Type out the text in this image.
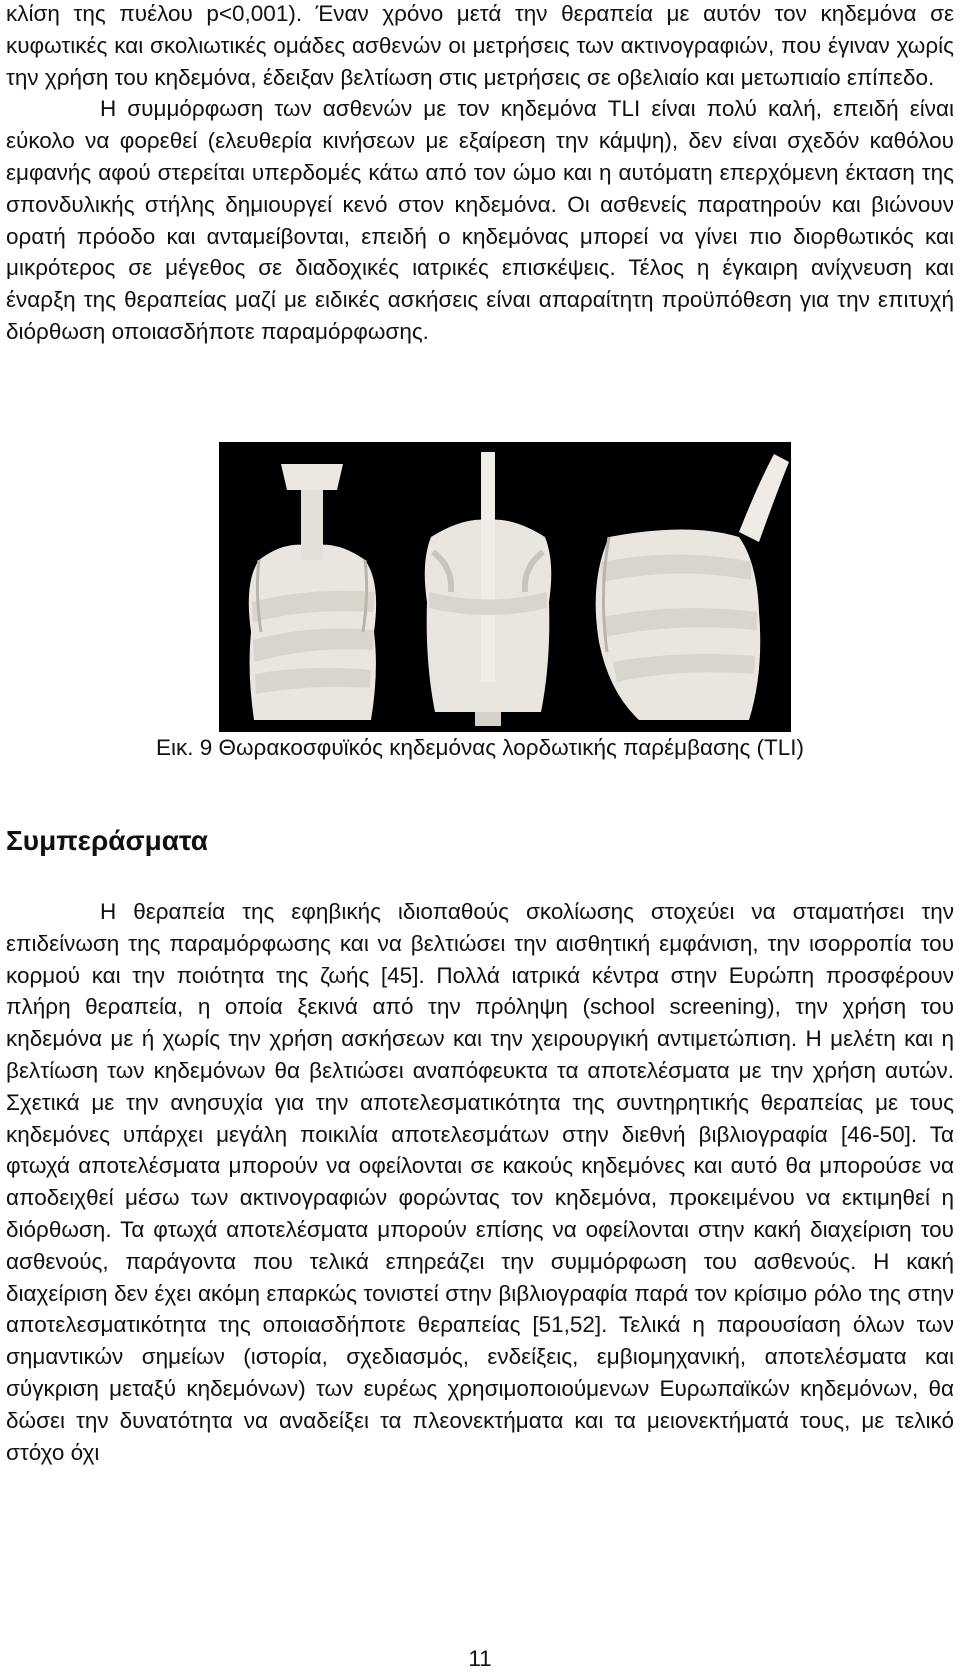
κλίση της πυέλου p<0,001). Έναν χρόνο μετά την θεραπεία με αυτόν τον κηδεμόνα σε κυφωτικές και σκολιωτικές ομάδες ασθενών οι μετρήσεις των ακτινογραφιών, που έγιναν χωρίς την χρήση του κηδεμόνα, έδειξαν βελτίωση στις μετρήσεις σε οβελιαίο και μετωπιαίο επίπεδο.

Η συμμόρφωση των ασθενών με τον κηδεμόνα TLI είναι πολύ καλή, επειδή είναι εύκολο να φορεθεί (ελευθερία κινήσεων με εξαίρεση την κάμψη), δεν είναι σχεδόν καθόλου εμφανής αφού στερείται υπερδομές κάτω από τον ώμο και η αυτόματη επερχόμενη έκταση της σπονδυλικής στήλης δημιουργεί κενό στον κηδεμόνα. Οι ασθενείς παρατηρούν και βιώνουν ορατή πρόοδο και ανταμείβονται, επειδή ο κηδεμόνας μπορεί να γίνει πιο διορθωτικός και μικρότερος σε μέγεθος σε διαδοχικές ιατρικές επισκέψεις. Τέλος η έγκαιρη ανίχνευση και έναρξη της θεραπείας μαζί με ειδικές ασκήσεις είναι απαραίτητη προϋπόθεση για την επιτυχή διόρθωση οποιασδήποτε παραμόρφωσης.

Εικ. 9 Θωρακοσφυϊκός κηδεμόνας λορδωτικής παρέμβασης (TLI)
Συμπεράσματα

Η θεραπεία της εφηβικής ιδιοπαθούς σκολίωσης στοχεύει να σταματήσει την επιδείνωση της παραμόρφωσης και να βελτιώσει την αισθητική εμφάνιση, την ισορροπία του κορμού και την ποιότητα της ζωής [45]. Πολλά ιατρικά κέντρα στην Ευρώπη προσφέρουν πλήρη θεραπεία, η οποία ξεκινά από την πρόληψη (school screening), την χρήση του κηδεμόνα με ή χωρίς την χρήση ασκήσεων και την χειρουργική αντιμετώπιση. Η μελέτη και η βελτίωση των κηδεμόνων θα βελτιώσει αναπόφευκτα τα αποτελέσματα με την χρήση αυτών. Σχετικά με την ανησυχία για την αποτελεσματικότητα της συντηρητικής θεραπείας με τους κηδεμόνες υπάρχει μεγάλη ποικιλία αποτελεσμάτων στην διεθνή βιβλιογραφία [46-50]. Τα φτωχά αποτελέσματα μπορούν να οφείλονται σε κακούς κηδεμόνες και αυτό θα μπορούσε να αποδειχθεί μέσω των ακτινογραφιών φορώντας τον κηδεμόνα, προκειμένου να εκτιμηθεί η διόρθωση. Τα φτωχά αποτελέσματα μπορούν επίσης να οφείλονται στην κακή διαχείριση του ασθενούς, παράγοντα που τελικά επηρεάζει την συμμόρφωση του ασθενούς. Η κακή διαχείριση δεν έχει ακόμη επαρκώς τονιστεί στην βιβλιογραφία παρά τον κρίσιμο ρόλο της στην αποτελεσματικότητα της οποιασδήποτε θεραπείας [51,52]. Τελικά η παρουσίαση όλων των σημαντικών σημείων (ιστορία, σχεδιασμός, ενδείξεις, εμβιομηχανική, αποτελέσματα και σύγκριση μεταξύ κηδεμόνων) των ευρέως χρησιμοποιούμενων Ευρωπαϊκών κηδεμόνων, θα δώσει την δυνατότητα να αναδείξει τα πλεονεκτήματα και τα μειονεκτήματά τους, με τελικό στόχο όχι

11
